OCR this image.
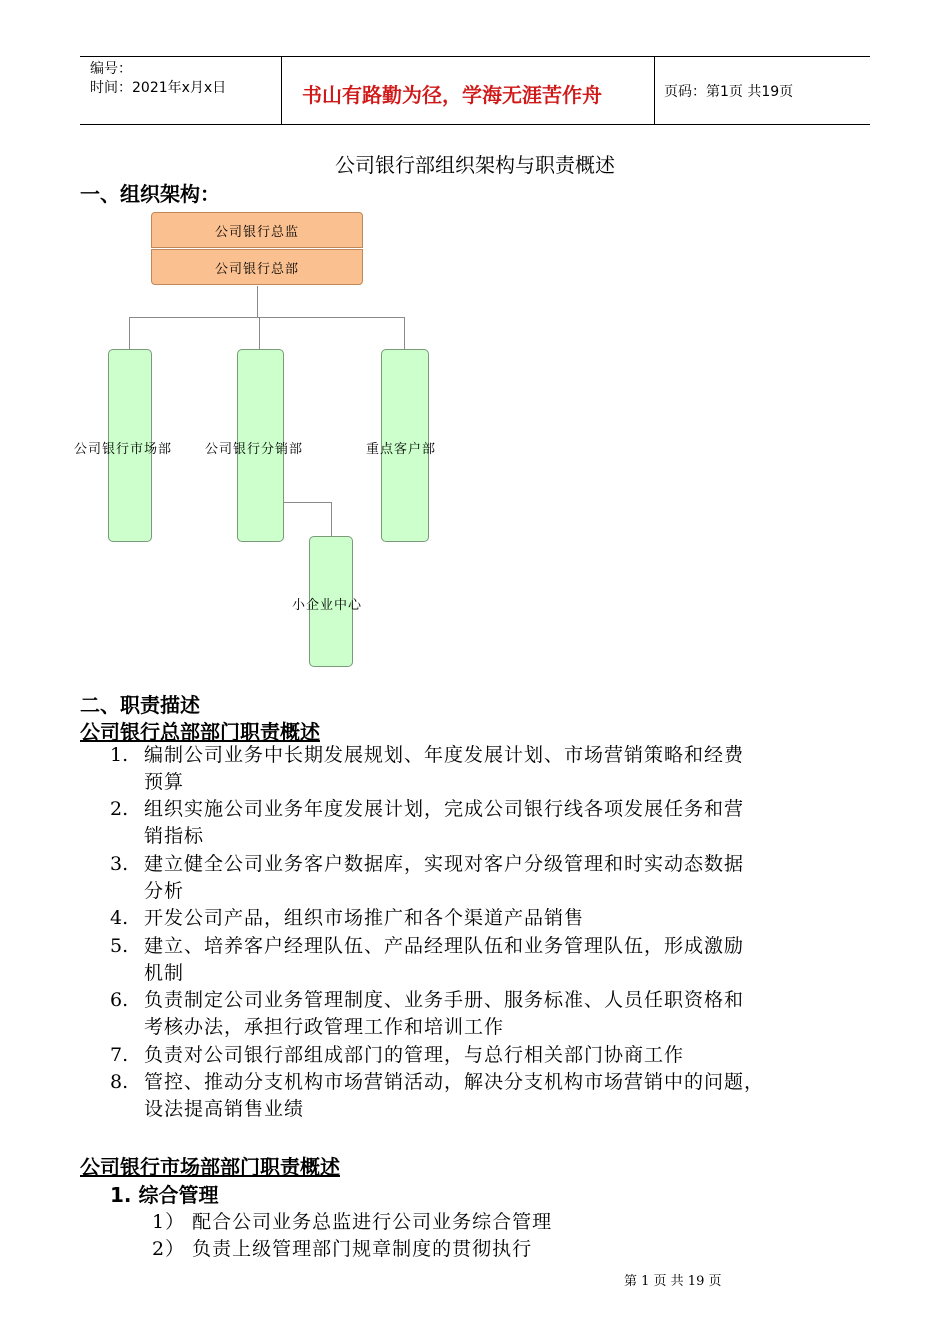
编号：
时间：2021年x月x日	书山有路勤为径，学海无涯苦作舟	页码：第1页 共19页
公司银行部组织架构与职责概述
一、组织架构：
公司银行总监
公司银行总部
公司银行市场部	公司银行分销部	重点客户部
小企业中心
二、职责描述
公司银行总部部门职责概述
1. 编制公司业务中长期发展规划、年度发展计划、市场营销策略和经费
预算
2. 组织实施公司业务年度发展计划，完成公司银行线各项发展任务和营
销指标
3. 建立健全公司业务客户数据库，实现对客户分级管理和时实动态数据
分析
4. 开发公司产品，组织市场推广和各个渠道产品销售
5. 建立、培养客户经理队伍、产品经理队伍和业务管理队伍，形成激励
机制
6. 负责制定公司业务管理制度、业务手册、服务标准、人员任职资格和
考核办法，承担行政管理工作和培训工作
7. 负责对公司银行部组成部门的管理，与总行相关部门协商工作
8. 管控、推动分支机构市场营销活动，解决分支机构市场营销中的问题，
设法提高销售业绩
公司银行市场部部门职责概述
1. 综合管理
1） 配合公司业务总监进行公司业务综合管理
2） 负责上级管理部门规章制度的贯彻执行
第 1 页 共 19 页
